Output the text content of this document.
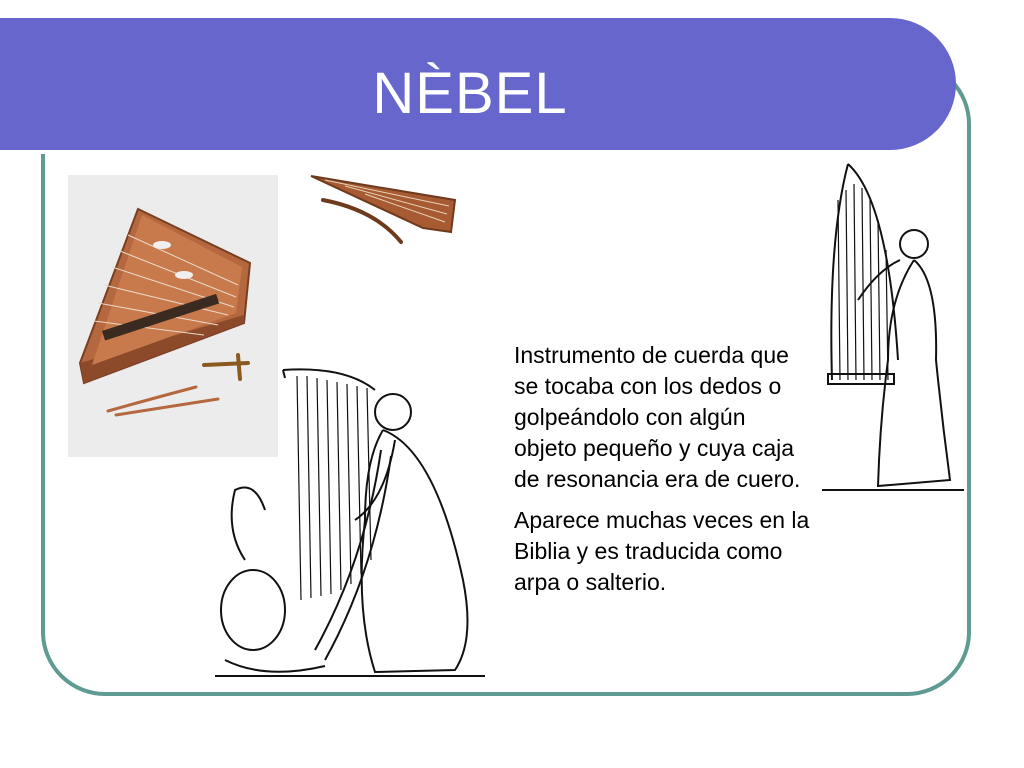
NÈBEL

Instrumento de cuerda que se tocaba con los dedos o golpeándolo con algún objeto pequeño y cuya caja de resonancia era de cuero.

Aparece muchas veces en la Biblia y es traducida como arpa o salterio.
